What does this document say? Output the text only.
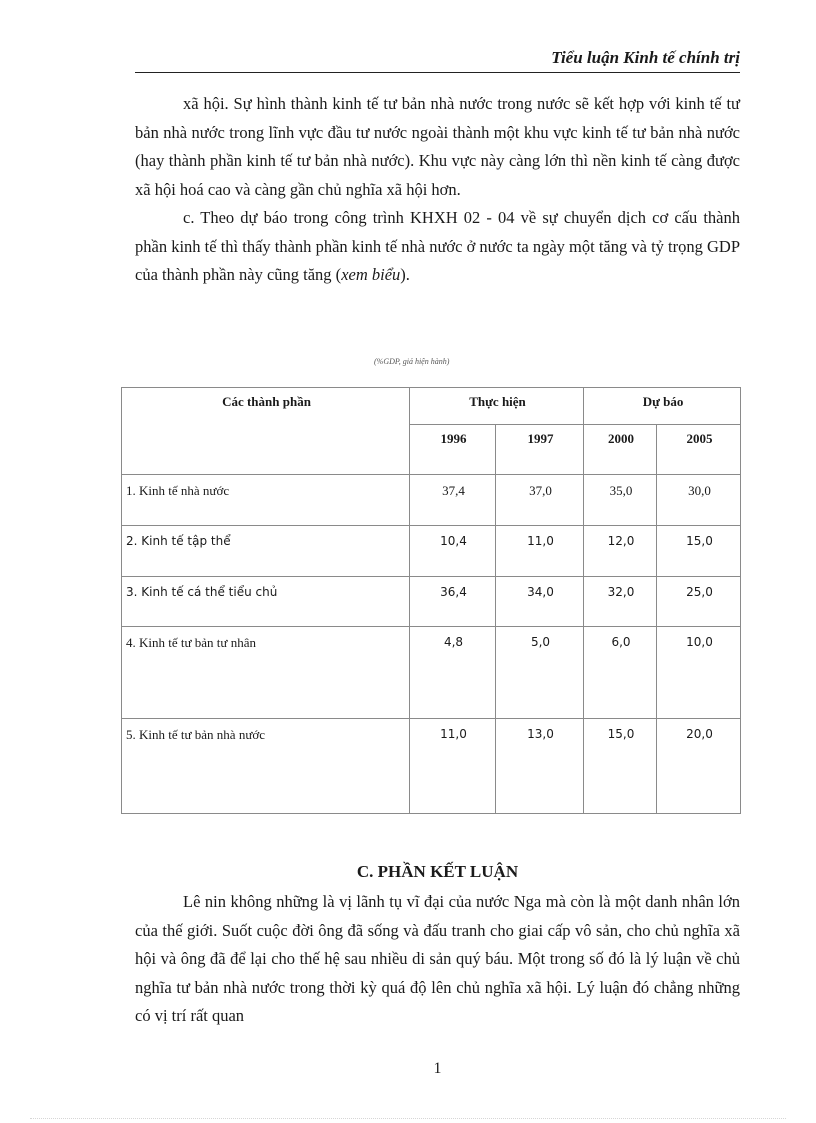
Tiểu luận Kinh tế chính trị

xã hội. Sự hình thành kinh tế tư bản nhà nước trong nước sẽ kết hợp với kinh tế tư bản nhà nước trong lĩnh vực đầu tư nước ngoài thành một khu vực kinh tế tư bản nhà nước (hay thành phần kinh tế tư bản nhà nước). Khu vực này càng lớn thì nền kinh tế càng được xã hội hoá cao và càng gần chủ nghĩa xã hội hơn.

c. Theo dự báo trong công trình KHXH 02 - 04 về sự chuyển dịch cơ cấu thành phần kinh tế thì thấy thành phần kinh tế nhà nước ở nước ta ngày một tăng và tỷ trọng GDP của thành phần này cũng tăng (xem biểu).

(%GDP, giá hiện hành)
Các thành phần	Thực hiện		Dự báo	
	1996	1997	2000	2005
1. Kinh tế nhà nước	37,4	37,0	35,0	30,0
2. Kinh tế tập thể	10,4	11,0	12,0	15,0
3. Kinh tế cá thể tiểu chủ	36,4	34,0	32,0	25,0
4. Kinh tế tư bản tư nhân	4,8	5,0	6,0	10,0
5. Kinh tế tư bản nhà nước	11,0	13,0	15,0	20,0
C. PHẦN KẾT LUẬN

Lê nin không những là vị lãnh tụ vĩ đại của nước Nga mà còn là một danh nhân lớn của thế giới. Suốt cuộc đời ông đã sống và đấu tranh cho giai cấp vô sản, cho chủ nghĩa xã hội và ông đã để lại cho thế hệ sau nhiều di sản quý báu. Một trong số đó là lý luận về chủ nghĩa tư bản nhà nước trong thời kỳ quá độ lên chủ nghĩa xã hội. Lý luận đó chẳng những có vị trí rất quan

1
